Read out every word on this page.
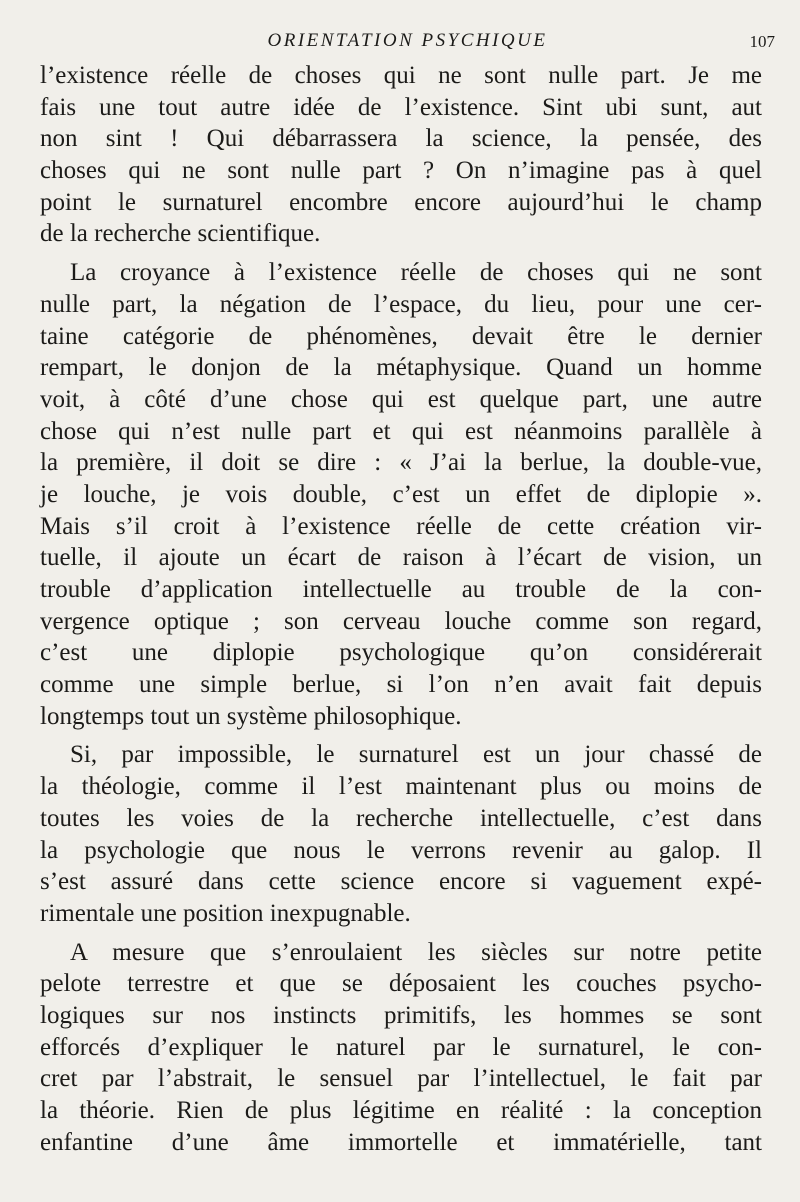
ORIENTATION PSYCHIQUE	107
l’existence réelle de choses qui ne sont nulle part. Je me
fais une tout autre idée de l’existence. Sint ubi sunt, aut
non sint ! Qui débarrassera la science, la pensée, des
choses qui ne sont nulle part ? On n’imagine pas à quel
point le surnaturel encombre encore aujourd’hui le champ
de la recherche scientifique.
La croyance à l’existence réelle de choses qui ne sont
nulle part, la négation de l’espace, du lieu, pour une cer-
taine catégorie de phénomènes, devait être le dernier
rempart, le donjon de la métaphysique. Quand un homme
voit, à côté d’une chose qui est quelque part, une autre
chose qui n’est nulle part et qui est néanmoins parallèle à
la première, il doit se dire : « J’ai la berlue, la double-vue,
je louche, je vois double, c’est un effet de diplopie ».
Mais s’il croit à l’existence réelle de cette création vir-
tuelle, il ajoute un écart de raison à l’écart de vision, un
trouble d’application intellectuelle au trouble de la con-
vergence optique ; son cerveau louche comme son regard,
c’est une diplopie psychologique qu’on considérerait
comme une simple berlue, si l’on n’en avait fait depuis
longtemps tout un système philosophique.
Si, par impossible, le surnaturel est un jour chassé de
la théologie, comme il l’est maintenant plus ou moins de
toutes les voies de la recherche intellectuelle, c’est dans
la psychologie que nous le verrons revenir au galop. Il
s’est assuré dans cette science encore si vaguement expé-
rimentale une position inexpugnable.
A mesure que s’enroulaient les siècles sur notre petite
pelote terrestre et que se déposaient les couches psycho-
logiques sur nos instincts primitifs, les hommes se sont
efforcés d’expliquer le naturel par le surnaturel, le con-
cret par l’abstrait, le sensuel par l’intellectuel, le fait par
la théorie. Rien de plus légitime en réalité : la conception
enfantine d’une âme immortelle et immatérielle, tant
